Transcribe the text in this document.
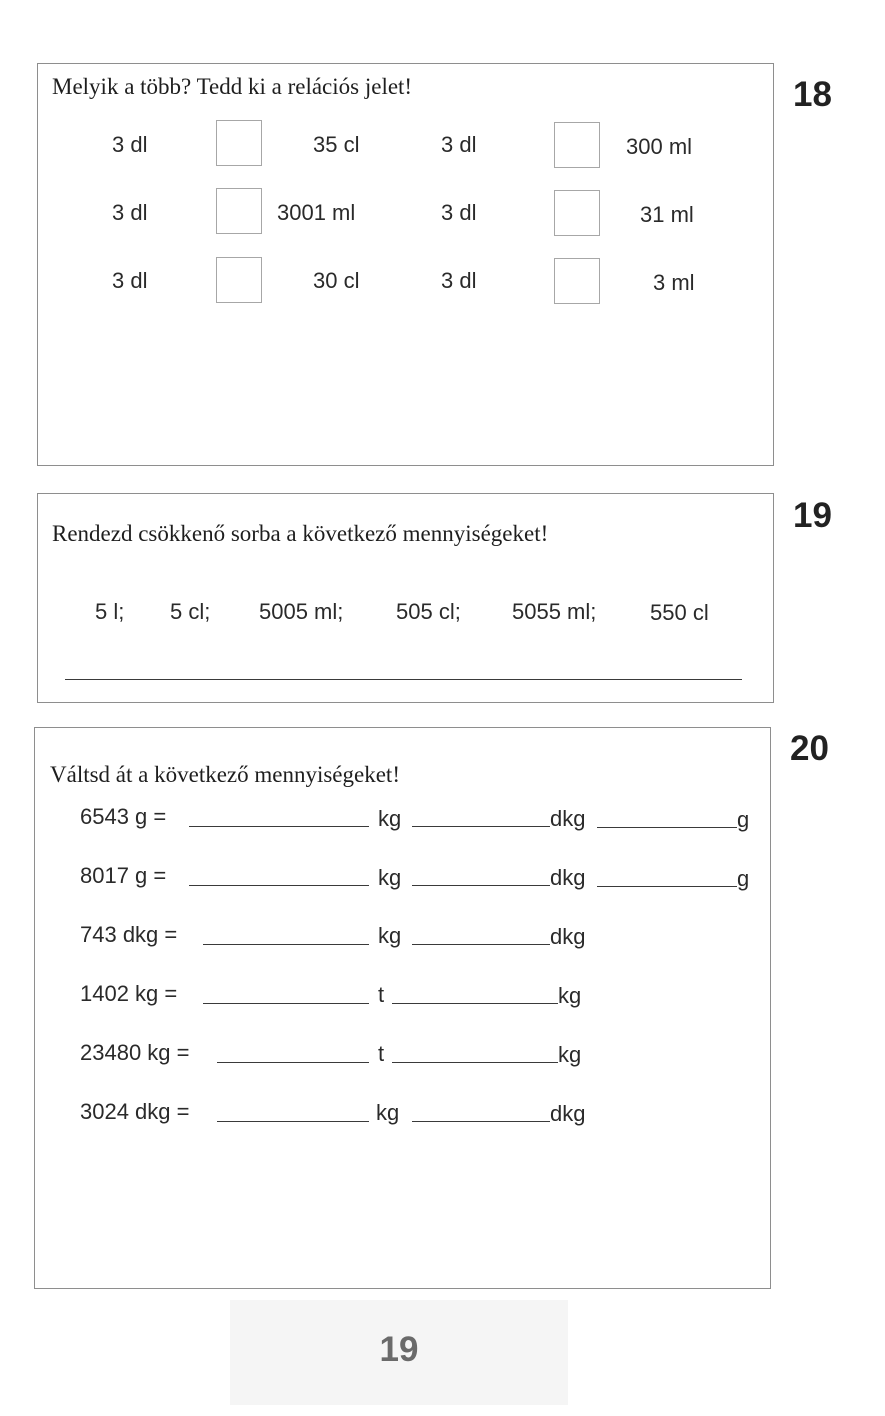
18
Melyik a több? Tedd ki a relációs jelet!
3 dl	35 cl	3 dl	300 ml
3 dl	3001 ml	3 dl	31 ml
3 dl	30 cl	3 dl	3 ml
19
Rendezd csökkenő sorba a következő mennyiségeket!
5 l; 5 cl; 5005 ml; 505 cl; 5055 ml; 550 cl
20
Váltsd át a következő mennyiségeket!
6543 g =	kg	dkg	g
8017 g =	kg	dkg	g
743 dkg =	kg	dkg
1402 kg =	t	kg
23480 kg =	t	kg
3024 dkg =	kg	dkg
19
